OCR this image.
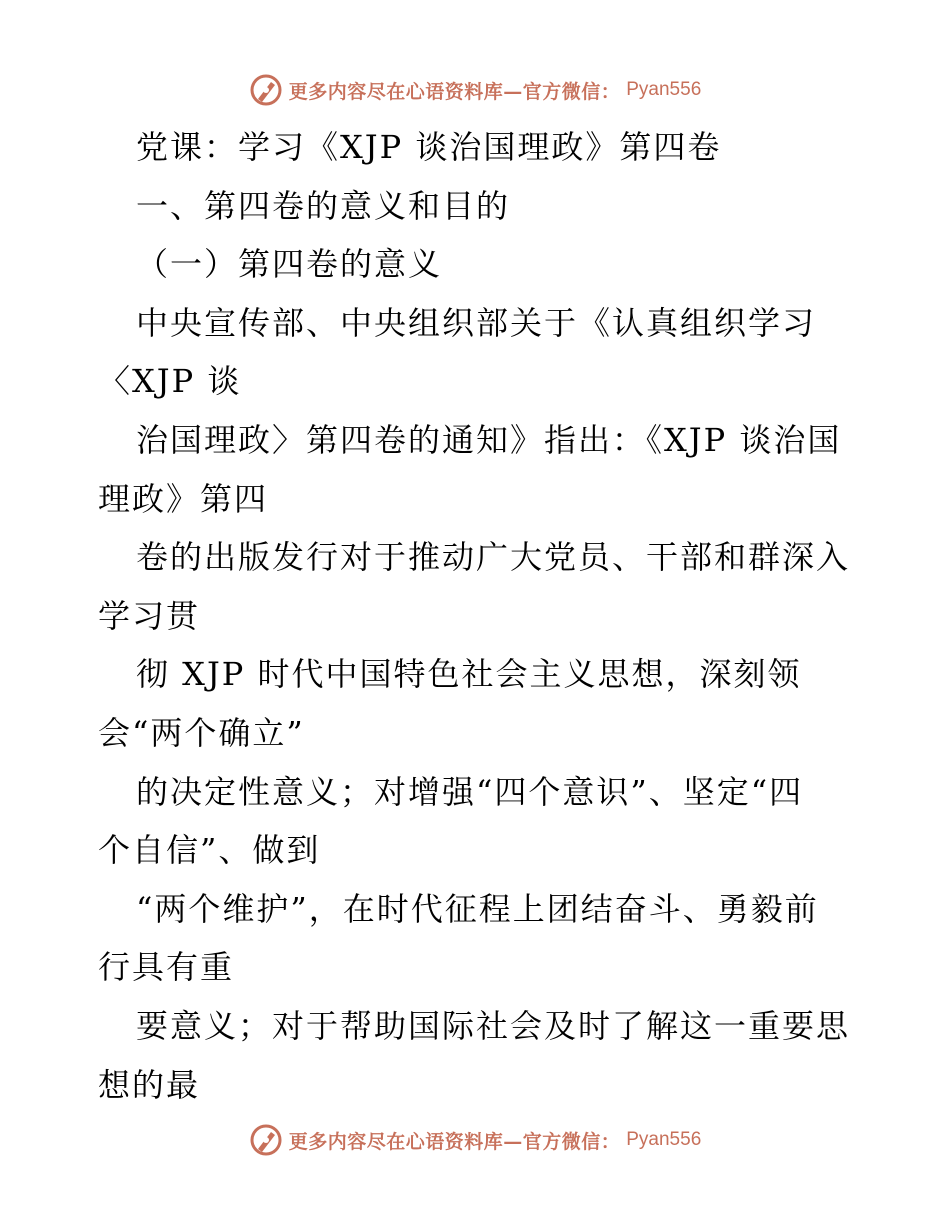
更多内容尽在心语资料库—官方微信： Pyan556
党课：学习《XJP 谈治国理政》第四卷
一、第四卷的意义和目的
（一）第四卷的意义
中央宣传部、中央组织部关于《认真组织学习
〈XJP 谈
治国理政〉第四卷的通知》指出：《XJP 谈治国
理政》第四
卷的出版发行对于推动广大党员、干部和群深入
学习贯
彻 XJP 时代中国特色社会主义思想，深刻领
会“两个确立”
的决定性意义；对增强“四个意识”、坚定“四
个自信”、做到
“两个维护”，在时代征程上团结奋斗、勇毅前
行具有重
要意义；对于帮助国际社会及时了解这一重要思
想的最
更多内容尽在心语资料库—官方微信： Pyan556
